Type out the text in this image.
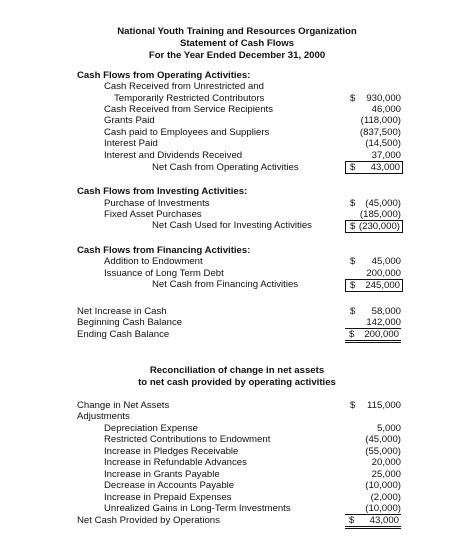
National Youth Training and Resources Organization
Statement of Cash Flows
For the Year Ended December 31, 2000
Cash Flows from Operating Activities:
Cash Received from Unrestricted and
Temporarily Restricted Contributors
Cash Received from Service Recipients
Grants Paid
Cash paid to Employees and Suppliers
Interest Paid
Interest and Dividends Received
Net Cash from Operating Activities
$ 930,000
46,000
(118,000)
(837,500)
(14,500)
37,000
$ 43,000
Cash Flows from Investing Activities:
Purchase of Investments
Fixed Asset Purchases
Net Cash Used for Investing Activities
$ (45,000)
(185,000)
$ (230,000)
Cash Flows from Financing Activities:
Addition to Endowment
Issuance of Long Term Debt
Net Cash from Financing Activities
$ 45,000
200,000
$ 245,000
Net Increase in Cash
Beginning Cash Balance
Ending Cash Balance
$ 58,000
142,000
$ 200,000
Reconciliation of change in net assets
to net cash provided by operating activities
Change in Net Assets	$ 115,000
Adjustments
Depreciation Expense
Restricted Contributions to Endowment
Increase in Pledges Receivable
Increase in Refundable Advances
Increase in Grants Payable
Decrease in Accounts Payable
Increase in Prepaid Expenses
Unrealized Gains in Long-Term Investments
Net Cash Provided by Operations
5,000
(45,000)
(55,000)
20,000
25,000
(10,000)
(2,000)
(10,000)
$ 43,000
